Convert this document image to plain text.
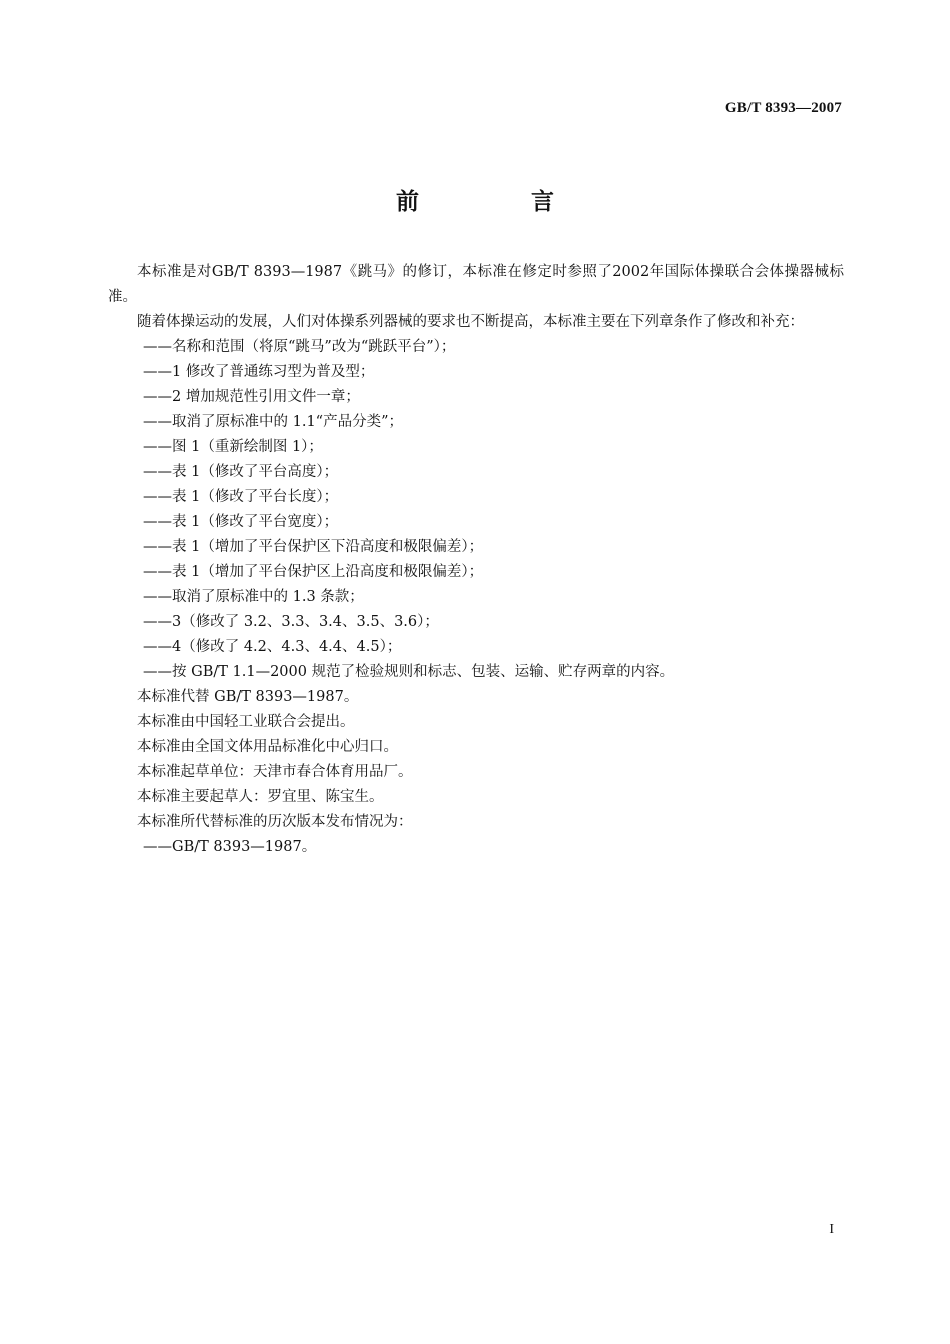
GB/T 8393—2007
前 言

本标准是对GB/T 8393—1987《跳马》的修订，本标准在修定时参照了2002年国际体操联合会体操器械标准。

随着体操运动的发展，人们对体操系列器械的要求也不断提高，本标准主要在下列章条作了修改和补充：

——名称和范围（将原“跳马”改为“跳跃平台”）；

——1 修改了普通练习型为普及型；

——2 增加规范性引用文件一章；

——取消了原标准中的 1.1“产品分类”；

——图 1（重新绘制图 1）；

——表 1（修改了平台高度）；

——表 1（修改了平台长度）；

——表 1（修改了平台宽度）；

——表 1（增加了平台保护区下沿高度和极限偏差）；

——表 1（增加了平台保护区上沿高度和极限偏差）；

——取消了原标准中的 1.3 条款；

——3（修改了 3.2、3.3、3.4、3.5、3.6）；

——4（修改了 4.2、4.3、4.4、4.5）；

——按 GB/T 1.1—2000 规范了检验规则和标志、包装、运输、贮存两章的内容。

本标准代替 GB/T 8393—1987。

本标准由中国轻工业联合会提出。

本标准由全国文体用品标准化中心归口。

本标准起草单位：天津市春合体育用品厂。

本标准主要起草人：罗宜里、陈宝生。

本标准所代替标准的历次版本发布情况为：

——GB/T 8393—1987。

I
